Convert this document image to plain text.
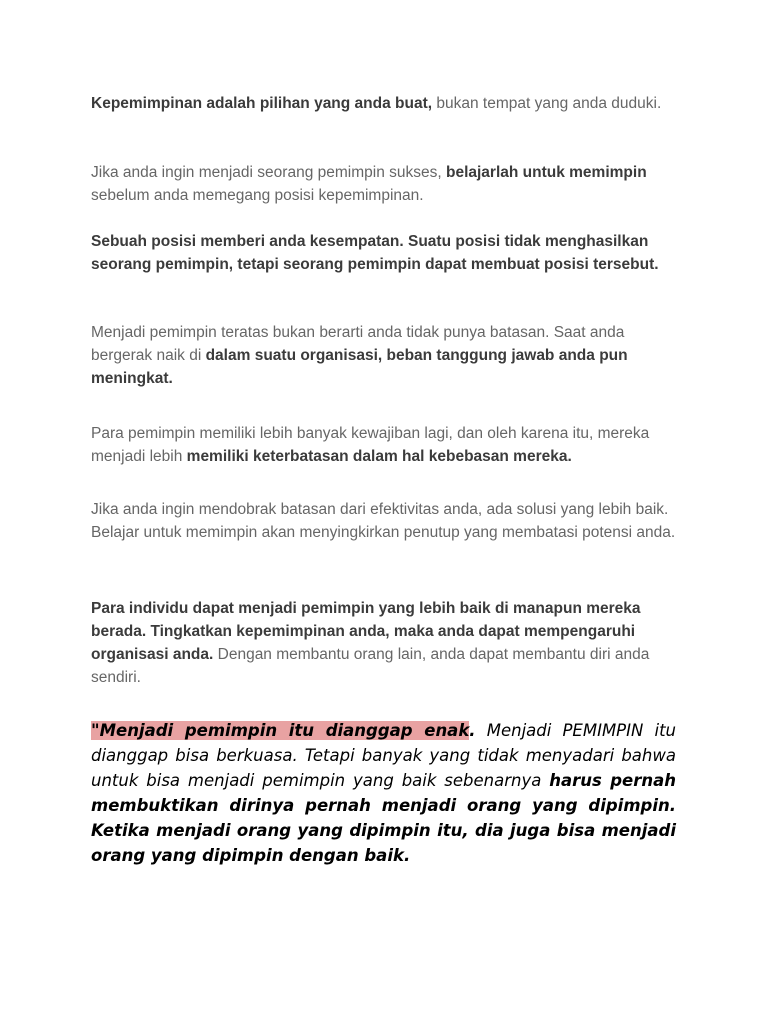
Kepemimpinan adalah pilihan yang anda buat, bukan tempat yang anda duduki.

Jika anda ingin menjadi seorang pemimpin sukses, belajarlah untuk memimpin sebelum anda memegang posisi kepemimpinan.

Sebuah posisi memberi anda kesempatan. Suatu posisi tidak menghasilkan seorang pemimpin, tetapi seorang pemimpin dapat membuat posisi tersebut.

Menjadi pemimpin teratas bukan berarti anda tidak punya batasan. Saat anda bergerak naik di dalam suatu organisasi, beban tanggung jawab anda pun meningkat.

Para pemimpin memiliki lebih banyak kewajiban lagi, dan oleh karena itu, mereka menjadi lebih memiliki keterbatasan dalam hal kebebasan mereka.

Jika anda ingin mendobrak batasan dari efektivitas anda, ada solusi yang lebih baik. Belajar untuk memimpin akan menyingkirkan penutup yang membatasi potensi anda.

Para individu dapat menjadi pemimpin yang lebih baik di manapun mereka berada. Tingkatkan kepemimpinan anda, maka anda dapat mempengaruhi organisasi anda. Dengan membantu orang lain, anda dapat membantu diri anda sendiri.

"Menjadi pemimpin itu dianggap enak. Menjadi PEMIMPIN itu dianggap bisa berkuasa. Tetapi banyak yang tidak menyadari bahwa untuk bisa menjadi pemimpin yang baik sebenarnya harus pernah membuktikan dirinya pernah menjadi orang yang dipimpin. Ketika menjadi orang yang dipimpin itu, dia juga bisa menjadi orang yang dipimpin dengan baik.
